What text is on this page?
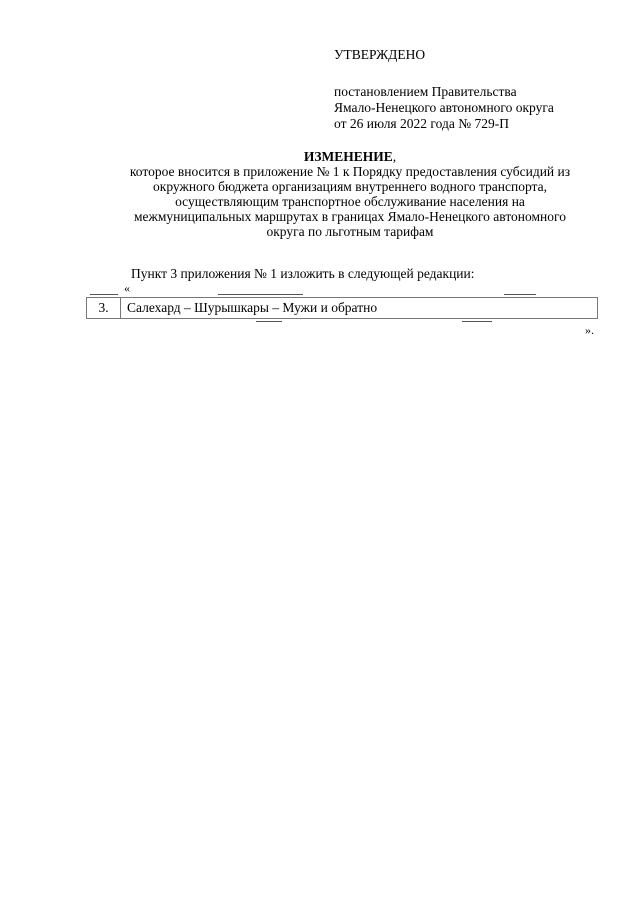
УТВЕРЖДЕНО
постановлением Правительства
Ямало-Ненецкого автономного округа
от 26 июля 2022 года № 729-П
ИЗМЕНЕНИЕ,
которое вносится в приложение № 1 к Порядку предоставления субсидий из
окружного бюджета организациям внутреннего водного транспорта,
осуществляющим транспортное обслуживание населения на
межмуниципальных маршрутах в границах Ямало-Ненецкого автономного
округа по льготным тарифам
Пункт 3 приложения № 1 изложить в следующей редакции:
«
3.	Салехард – Шурышкары – Мужи и обратно
».
